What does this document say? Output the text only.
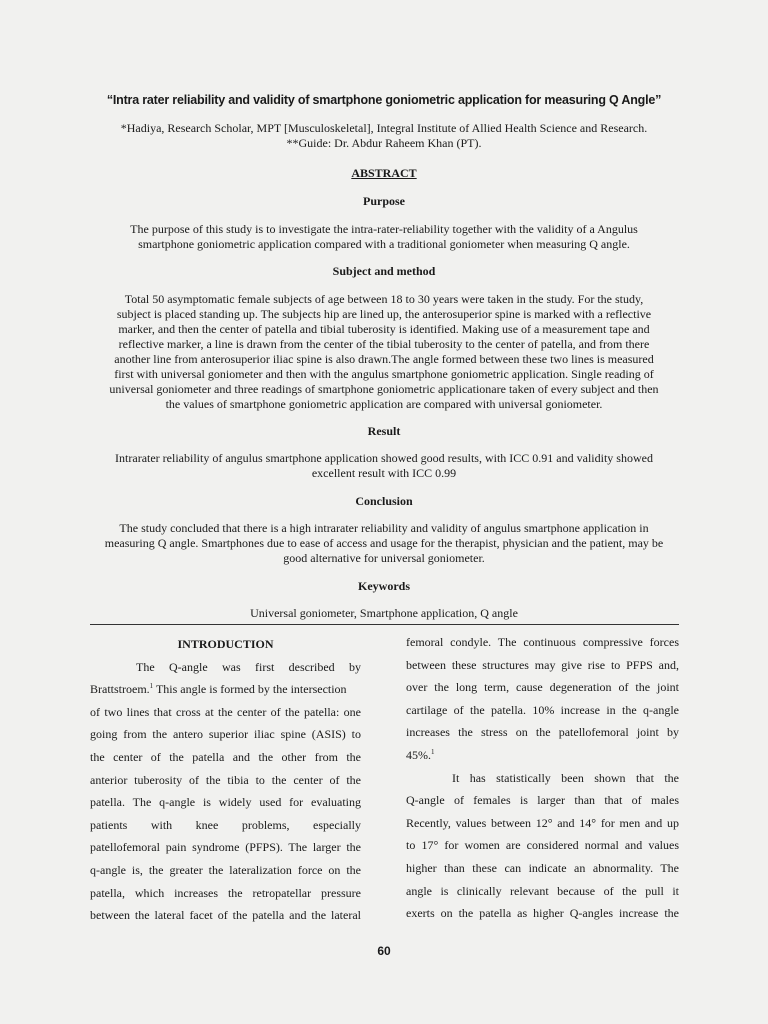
“Intra rater reliability and validity of smartphone goniometric application for measuring Q Angle”
*Hadiya, Research Scholar, MPT [Musculoskeletal], Integral Institute of Allied Health Science and Research.
**Guide: Dr. Abdur Raheem Khan (PT).
ABSTRACT
Purpose
The purpose of this study is to investigate the intra-rater-reliability together with the validity of a Angulus
smartphone goniometric application compared with a traditional goniometer when measuring Q angle.
Subject and method
Total 50 asymptomatic female subjects of age between 18 to 30 years were taken in the study. For the study,
subject is placed standing up. The subjects hip are lined up, the anterosuperior spine is marked with a reflective
marker, and then the center of patella and tibial tuberosity is identified. Making use of a measurement tape and
reflective marker, a line is drawn from the center of the tibial tuberosity to the center of patella, and from there
another line from anterosuperior iliac spine is also drawn.The angle formed between these two lines is measured
first with universal goniometer and then with the angulus smartphone goniometric application. Single reading of
universal goniometer and three readings of smartphone goniometric applicationare taken of every subject and then
the values of smartphone goniometric application are compared with universal goniometer.
Result
Intrarater reliability of angulus smartphone application showed good results, with ICC 0.91 and validity showed
excellent result with ICC 0.99
Conclusion
The study concluded that there is a high intrarater reliability and validity of angulus smartphone application in
measuring Q angle. Smartphones due to ease of access and usage for the therapist, physician and the patient, may be
good alternative for universal goniometer.
Keywords
Universal goniometer, Smartphone application, Q angle
INTRODUCTION
The Q-angle was first described by
Brattstroem.$^1$ This angle is formed by the intersection
of two lines that cross at the center of the patella: one
going from the antero superior iliac spine (ASIS) to
the center of the patella and the other from the
anterior tuberosity of the tibia to the center of the
patella. The q-angle is widely used for evaluating
patients with knee problems, especially
patellofemoral pain syndrome (PFPS). The larger the
q-angle is, the greater the lateralization force on the
patella, which increases the retropatellar pressure
between the lateral facet of the patella and the lateral
femoral condyle. The continuous compressive forces
between these structures may give rise to PFPS and,
over the long term, cause degeneration of the joint
cartilage of the patella. 10% increase in the q-angle
increases the stress on the patellofemoral joint by
45%.$^1$
It has statistically been shown that the
Q‑angle of females is larger than that of males
Recently, values between 12° and 14° for men and up
to 17° for women are considered normal and values
higher than these can indicate an abnormality. The
angle is clinically relevant because of the pull it
exerts on the patella as higher Q‑angles increase the
60
